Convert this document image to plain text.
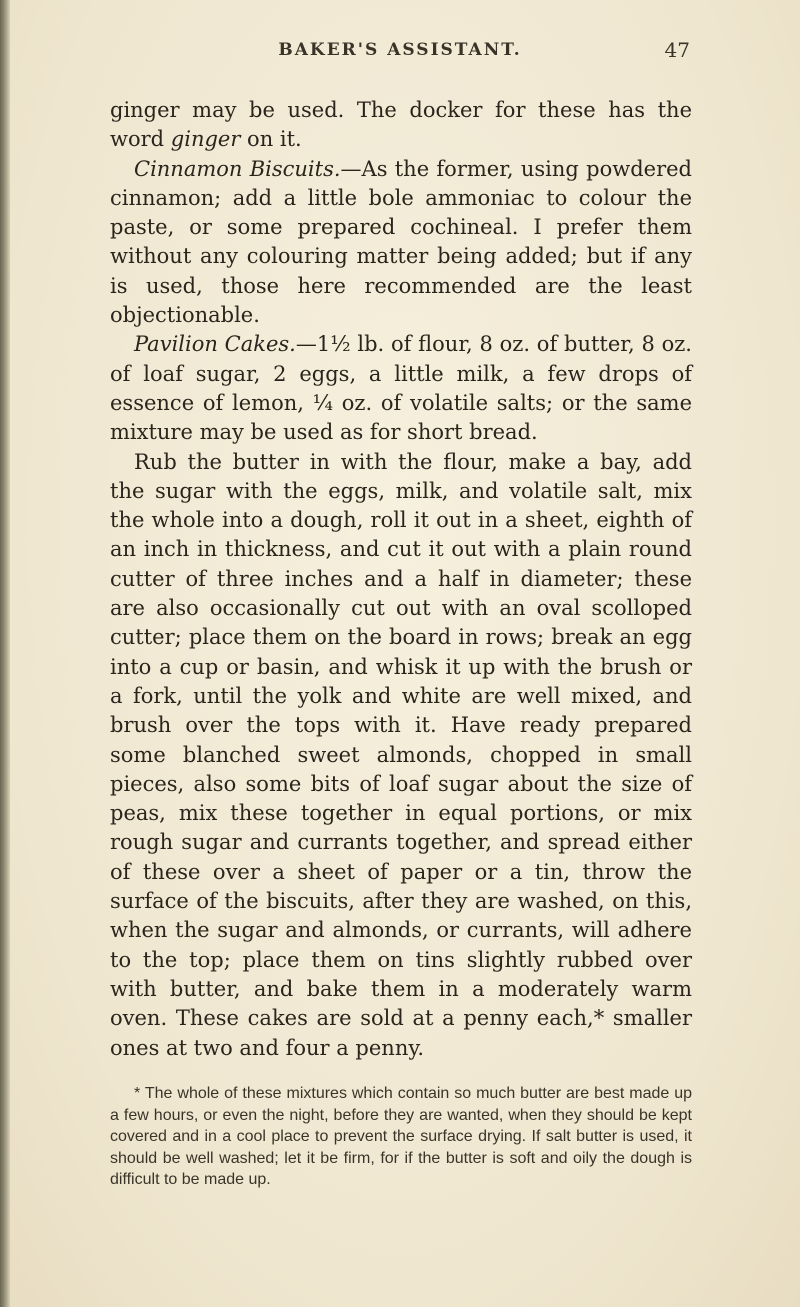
BAKER'S ASSISTANT.	47

ginger may be used. The docker for these has the word ginger on it.

Cinnamon Biscuits.—As the former, using powdered cinnamon; add a little bole ammoniac to colour the paste, or some prepared cochineal. I prefer them without any colouring matter being added; but if any is used, those here recommended are the least objectionable.

Pavilion Cakes.—1½ lb. of flour, 8 oz. of butter, 8 oz. of loaf sugar, 2 eggs, a little milk, a few drops of essence of lemon, ¼ oz. of volatile salts; or the same mixture may be used as for short bread.

Rub the butter in with the flour, make a bay, add the sugar with the eggs, milk, and volatile salt, mix the whole into a dough, roll it out in a sheet, eighth of an inch in thickness, and cut it out with a plain round cutter of three inches and a half in diameter; these are also occasionally cut out with an oval scolloped cutter; place them on the board in rows; break an egg into a cup or basin, and whisk it up with the brush or a fork, until the yolk and white are well mixed, and brush over the tops with it. Have ready prepared some blanched sweet almonds, chopped in small pieces, also some bits of loaf sugar about the size of peas, mix these together in equal portions, or mix rough sugar and currants together, and spread either of these over a sheet of paper or a tin, throw the surface of the biscuits, after they are washed, on this, when the sugar and almonds, or currants, will adhere to the top; place them on tins slightly rubbed over with butter, and bake them in a moderately warm oven. These cakes are sold at a penny each,* smaller ones at two and four a penny.

* The whole of these mixtures which contain so much butter are best made up a few hours, or even the night, before they are wanted, when they should be kept covered and in a cool place to prevent the surface drying. If salt butter is used, it should be well washed; let it be firm, for if the butter is soft and oily the dough is difficult to be made up.
